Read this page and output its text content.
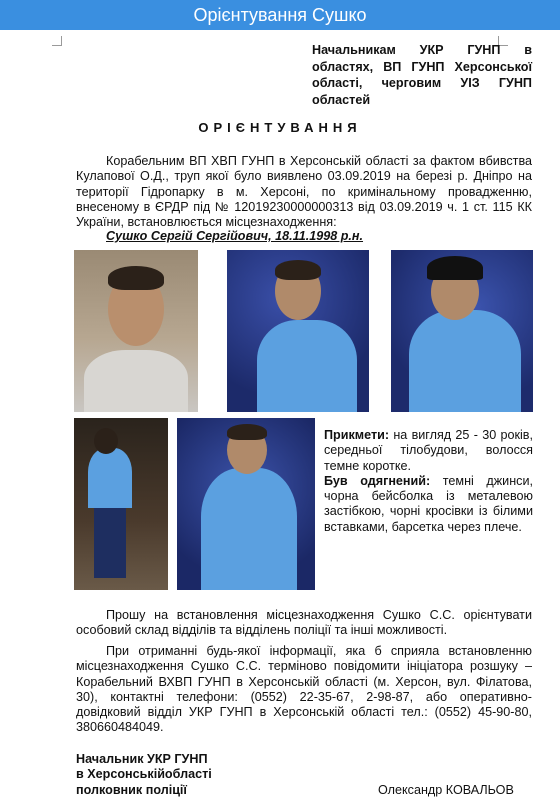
Орієнтування Сушко
Начальникам УКР ГУНП в областях, ВП ГУНП Херсонської області, черговим УІЗ ГУНП областей
ОРІЄНТУВАННЯ
Корабельним ВП ХВП ГУНП в Херсонській області за фактом вбивства Кулапової О.Д., труп якої було виявлено 03.09.2019 на березі р. Дніпро на території Гідропарку в м. Херсоні, по кримінальному провадженню, внесеному в ЄРДР під № 12019230000000313 від 03.09.2019 ч. 1 ст. 115 КК України, встановлюється місцезнаходження:
Сушко Сергій Сергійович, 18.11.1998 р.н.
Прикмети: на вигляд 25 - 30 років, середньої тілобудови, волосся темне коротке.
Був одягнений: темні джинси, чорна бейсболка із металевою застібкою, чорні кросівки із білими вставками, барсетка через плече.
Прошу на встановлення місцезнаходження Сушко С.С. орієнтувати особовий склад відділів та відділень поліції та інші можливості.
При отриманні будь-якої інформації, яка б сприяла встановленню місцезнаходження Сушко С.С. терміново повідомити ініціатора розшуку – Корабельний ВХВП ГУНП в Херсонській області (м. Херсон, вул. Філатова, 30), контактні телефони: (0552) 22-35-67, 2-98-87, або оперативно-довідковий відділ УКР ГУНП в Херсонській області тел.: (0552) 45-90-80, 380660484049.
Начальник УКР ГУНП
в Херсонськійобласті
полковник поліції	Олександр КОВАЛЬОВ
